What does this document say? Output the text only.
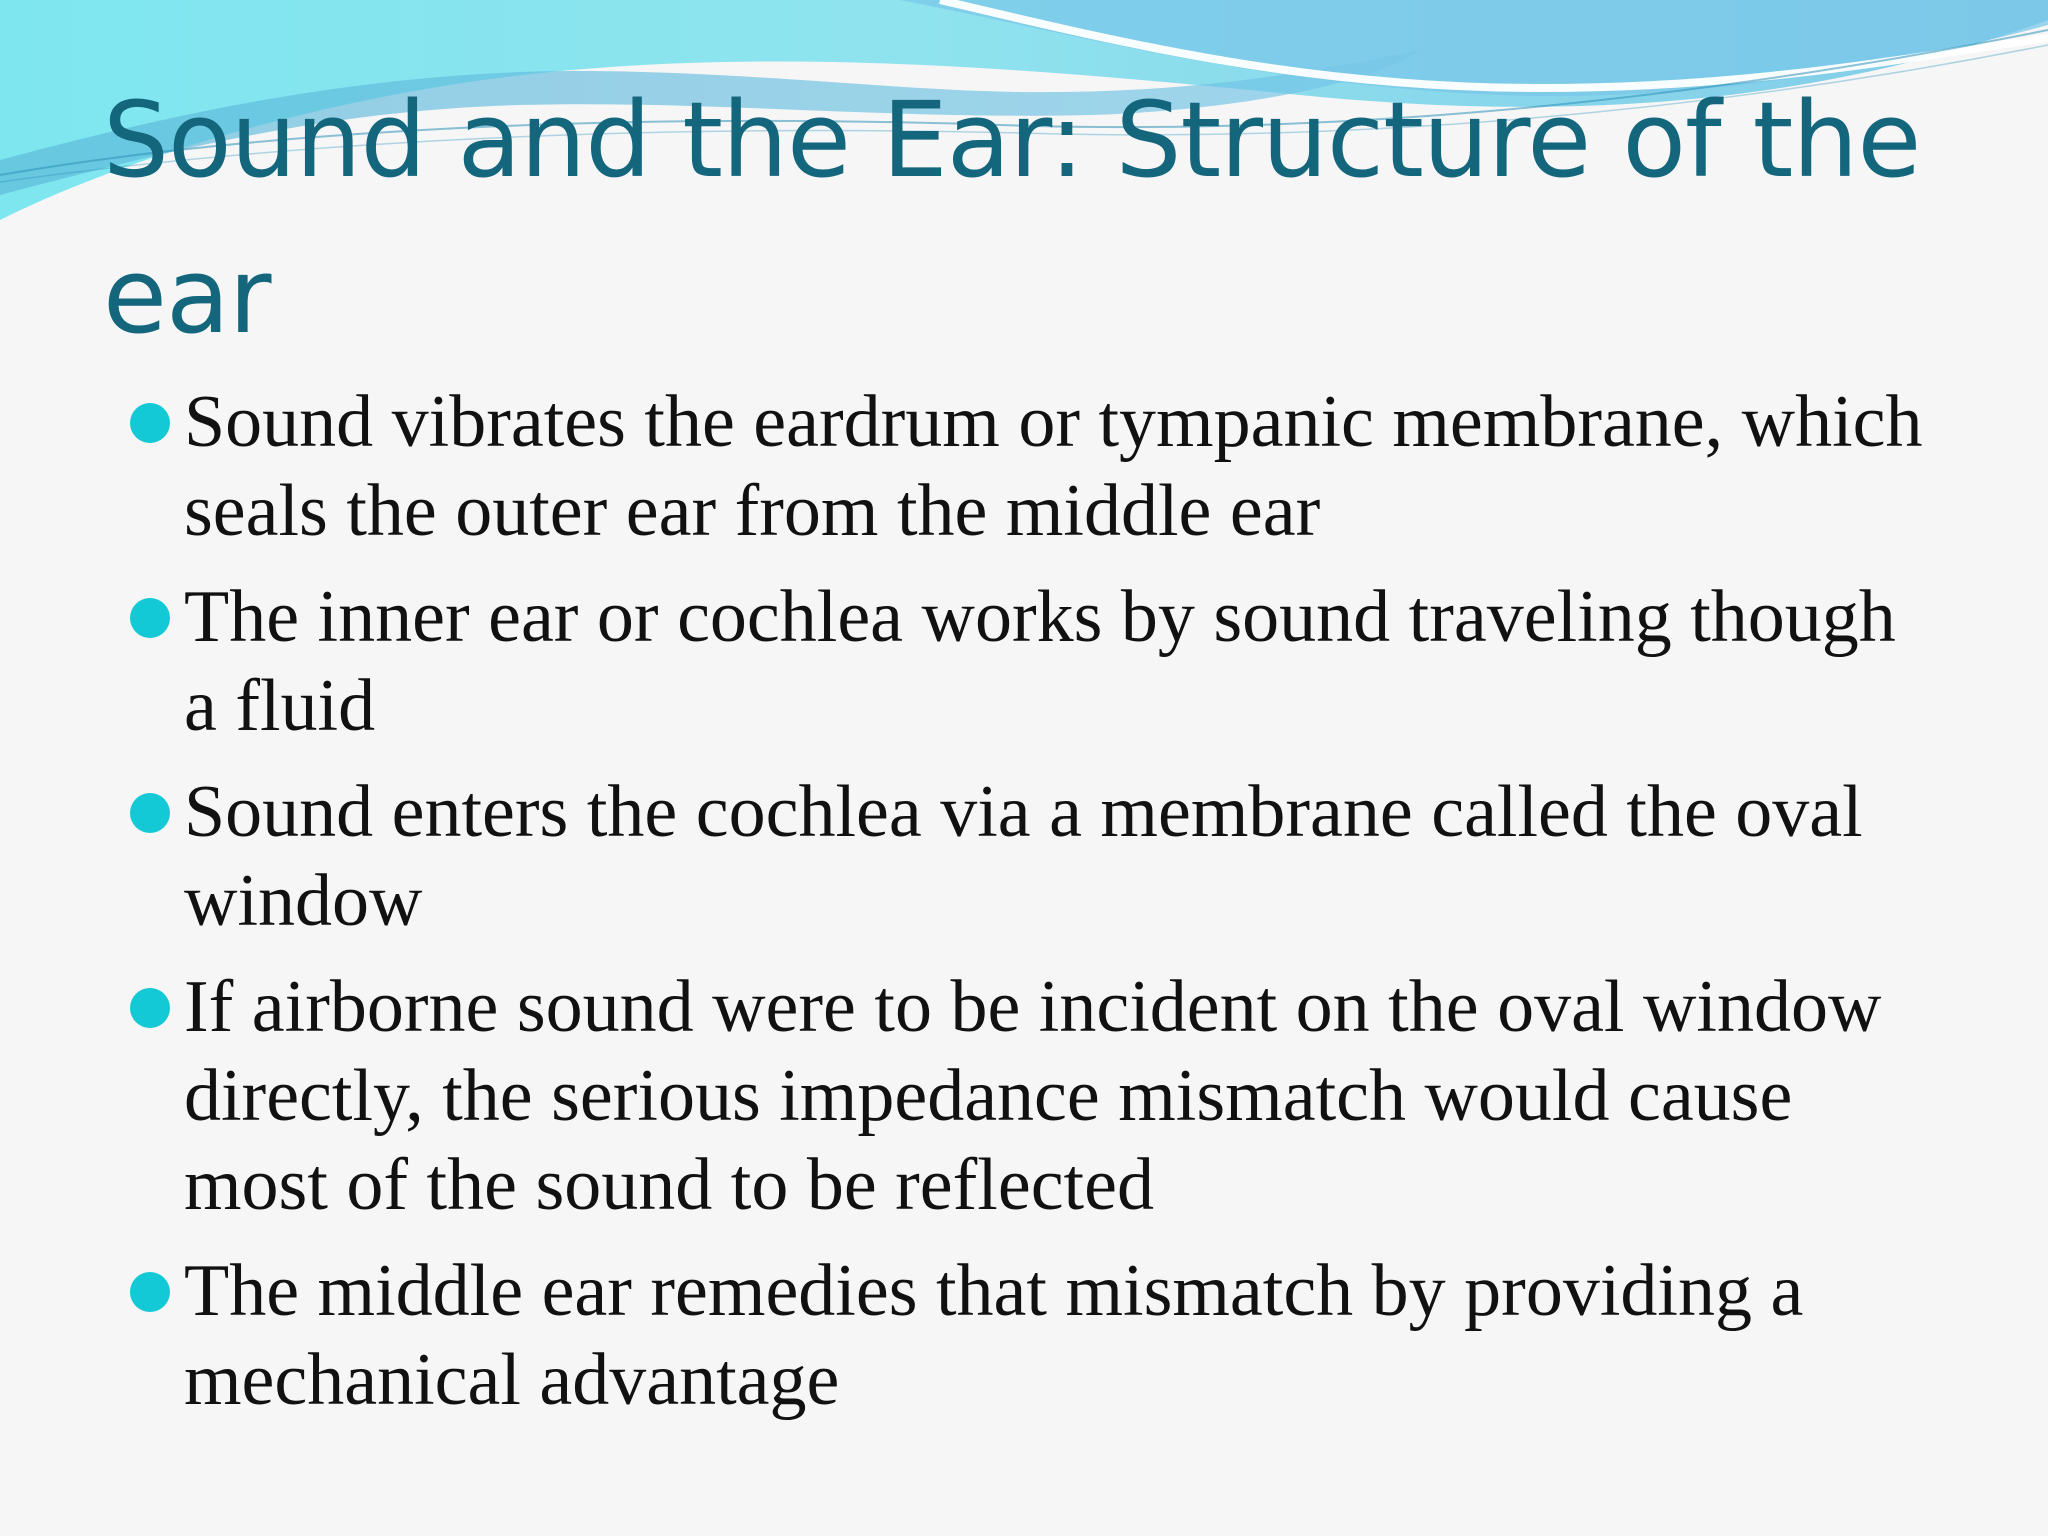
Sound and the Ear: Structure of the ear
Sound vibrates the eardrum or tympanic membrane, which seals the outer ear from the middle ear
The inner ear or cochlea works by sound traveling though a fluid
Sound enters the cochlea via a membrane called the oval window
If airborne sound were to be incident on the oval window directly, the serious impedance mismatch would cause most of the sound to be reflected
The middle ear remedies that mismatch by providing a mechanical advantage
